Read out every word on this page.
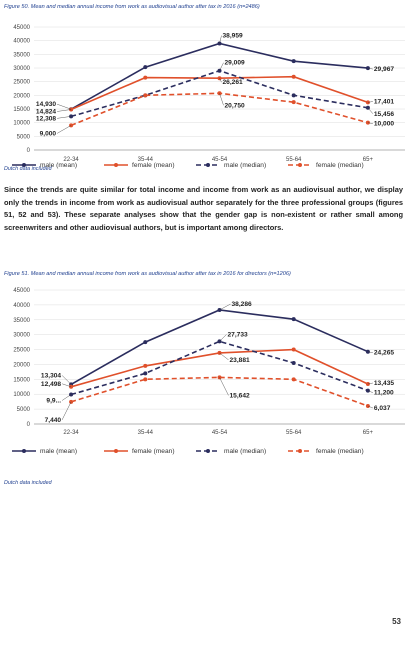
Figure 50. Mean and median annual income from work as audiovisual author after tax in 2016 (n=2486)
0
5000
10000
15000
20000
25000
30000
35000
40000
45000
22-34	35-44	45-54	55-64	65+
14,930
14,824
12,308
9,000
38,959
29,009
26,261
20,750
29,967
17,401
15,456
10,000
male (mean)	female (mean)	male (median)	female (median)
Dutch data included
Since the trends are quite similar for total income and income from work as an audiovisual author, we display only the trends in income from work as audiovisual author separately for the three professional groups (figures 51, 52 and 53). These separate analyses show that the gender gap is non-existent or rather small among screenwriters and other audiovisual authors, but is important among directors.
Figure 51. Mean and median annual income from work as audiovisual author after tax in 2016 for directors (n=1206)
0
5000
10000
15000
20000
25000
30000
35000
40000
45000
22-34	35-44	45-54	55-64	65+
13,304
12,498
9,9...
7,440
38,286
27,733
23,881
15,642
24,265
13,435
11,200
6,037
male (mean)	female (mean)	male (median)	female (median)
Dutch data included
53
